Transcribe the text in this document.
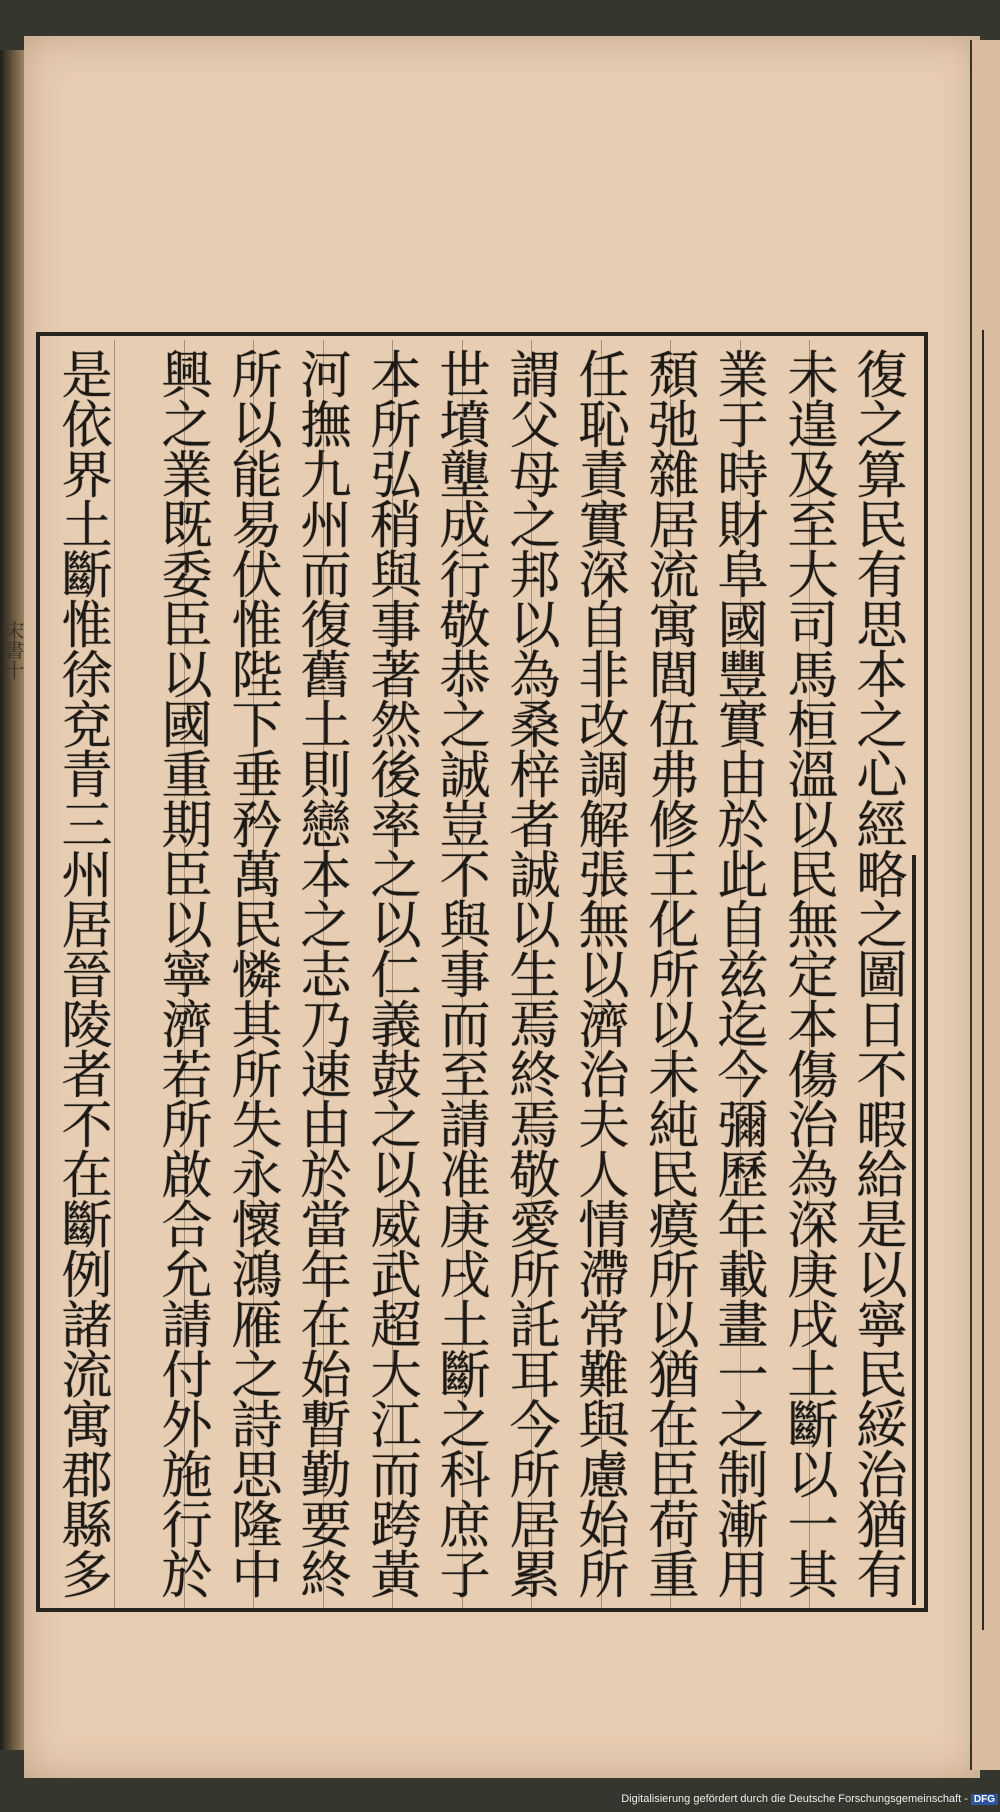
宋書十	復之算民有思本之心經略之圖日不暇給是以寧民綏治猶有
未遑及至大司馬桓溫以民無定本傷治為深庚戌土斷以一其
業于時財阜國豐實由於此自兹迄今彌歷年載畫一之制漸用
頹弛雜居流寓閭伍弗修王化所以未純民瘼所以猶在臣荷重
任恥責實深自非改調解張無以濟治夫人情滯常難與慮始所
謂父母之邦以為桑梓者誠以生焉終焉敬愛所託耳今所居累
世墳壟成行敬恭之誠豈不與事而至請准庚戌土斷之科庶子
本所弘稍與事著然後率之以仁義鼓之以威武超大江而跨黃
河撫九州而復舊土則戀本之志乃速由於當年在始暫勤要終
所以能易伏惟陛下垂矜萬民憐其所失永懷鴻雁之詩思隆中
興之業既委臣以國重期臣以寧濟若所啟合允請付外施行於
是依界土斷惟徐兗青三州居晉陵者不在斷例諸流寓郡縣多
Digitalisierung gefördert durch die Deutsche Forschungsgemeinschaft - DFG
